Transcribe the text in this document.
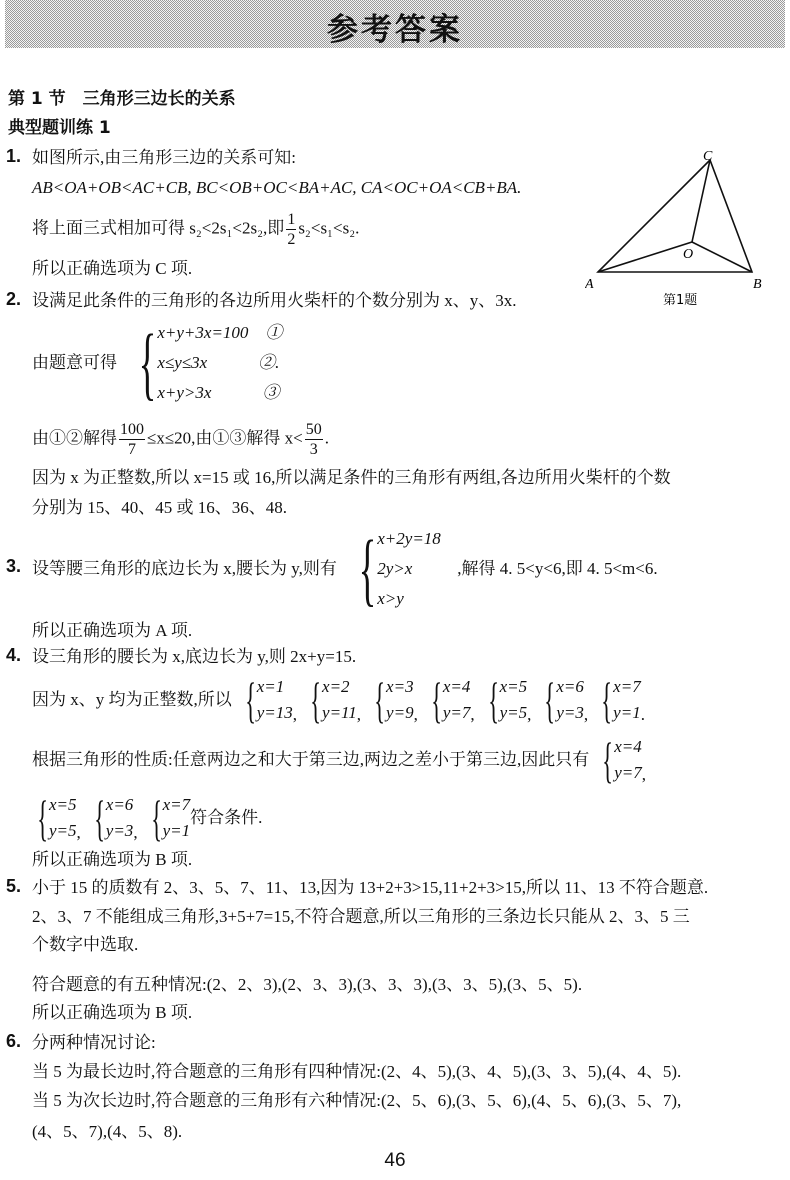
参考答案
第 1 节　三角形三边长的关系
典型题训练 1
1. 如图所示,由三角形三边的关系可知:
AB<OA+OB<AC+CB, BC<OB+OC<BA+AC, CA<OC+OA<CB+BA.
将上面三式相加可得 s₂<2s₁<2s₂,即 $\frac{1}{2} s_2<s_1<s_2$.
所以正确选项为 C 项.
A	B
C
O
第1题
2. 设满足此条件的三角形的各边所用火柴杆的个数分别为 x、y、3x.
由题意可得 { x+y+3x=100　①
x≤y≤3x　　　②.
x+y>3x　　　③
由①②解得 $\frac{100}{7} \le x\le 20$,由①③解得 $x< \frac{50}{3}$ .
因为 x 为正整数,所以 x=15 或 16,所以满足条件的三角形有两组,各边所用火柴杆的个数
分别为 15、40、45 或 16、36、48.
3. 设等腰三角形的底边长为 x,腰长为 y,则有 { x+2y=18
2y>x
x>y
,解得 4. 5<y<6,即 4. 5<m<6.
所以正确选项为 A 项.
4. 设三角形的腰长为 x,底边长为 y,则 2x+y=15.
因为 x、y 均为正整数,所以 { x=1
y=13 , { x=2
y=11 , { x=3
y=9 , { x=4
y=7 , { x=5
y=5 , { x=6
y=3 , { x=7
y=1 .
根据三角形的性质:任意两边之和大于第三边,两边之差小于第三边,因此只有 { x=4
y=7 ,
{ x=5
y=5 , { x=6
y=3 , { x=7
y=1
符合条件.
所以正确选项为 B 项.
5. 小于 15 的质数有 2、3、5、7、11、13,因为 13+2+3>15,11+2+3>15,所以 11、13 不符合题意.
2、3、7 不能组成三角形,3+5+7=15,不符合题意,所以三角形的三条边长只能从 2、3、5 三
个数字中选取.
符合题意的有五种情况:(2、2、3),(2、3、3),(3、3、3),(3、3、5),(3、5、5).
所以正确选项为 B 项.
6. 分两种情况讨论:
当 5 为最长边时,符合题意的三角形有四种情况:(2、4、5),(3、4、5),(3、3、5),(4、4、5).
当 5 为次长边时,符合题意的三角形有六种情况:(2、5、6),(3、5、6),(4、5、6),(3、5、7),
(4、5、7),(4、5、8).
46
